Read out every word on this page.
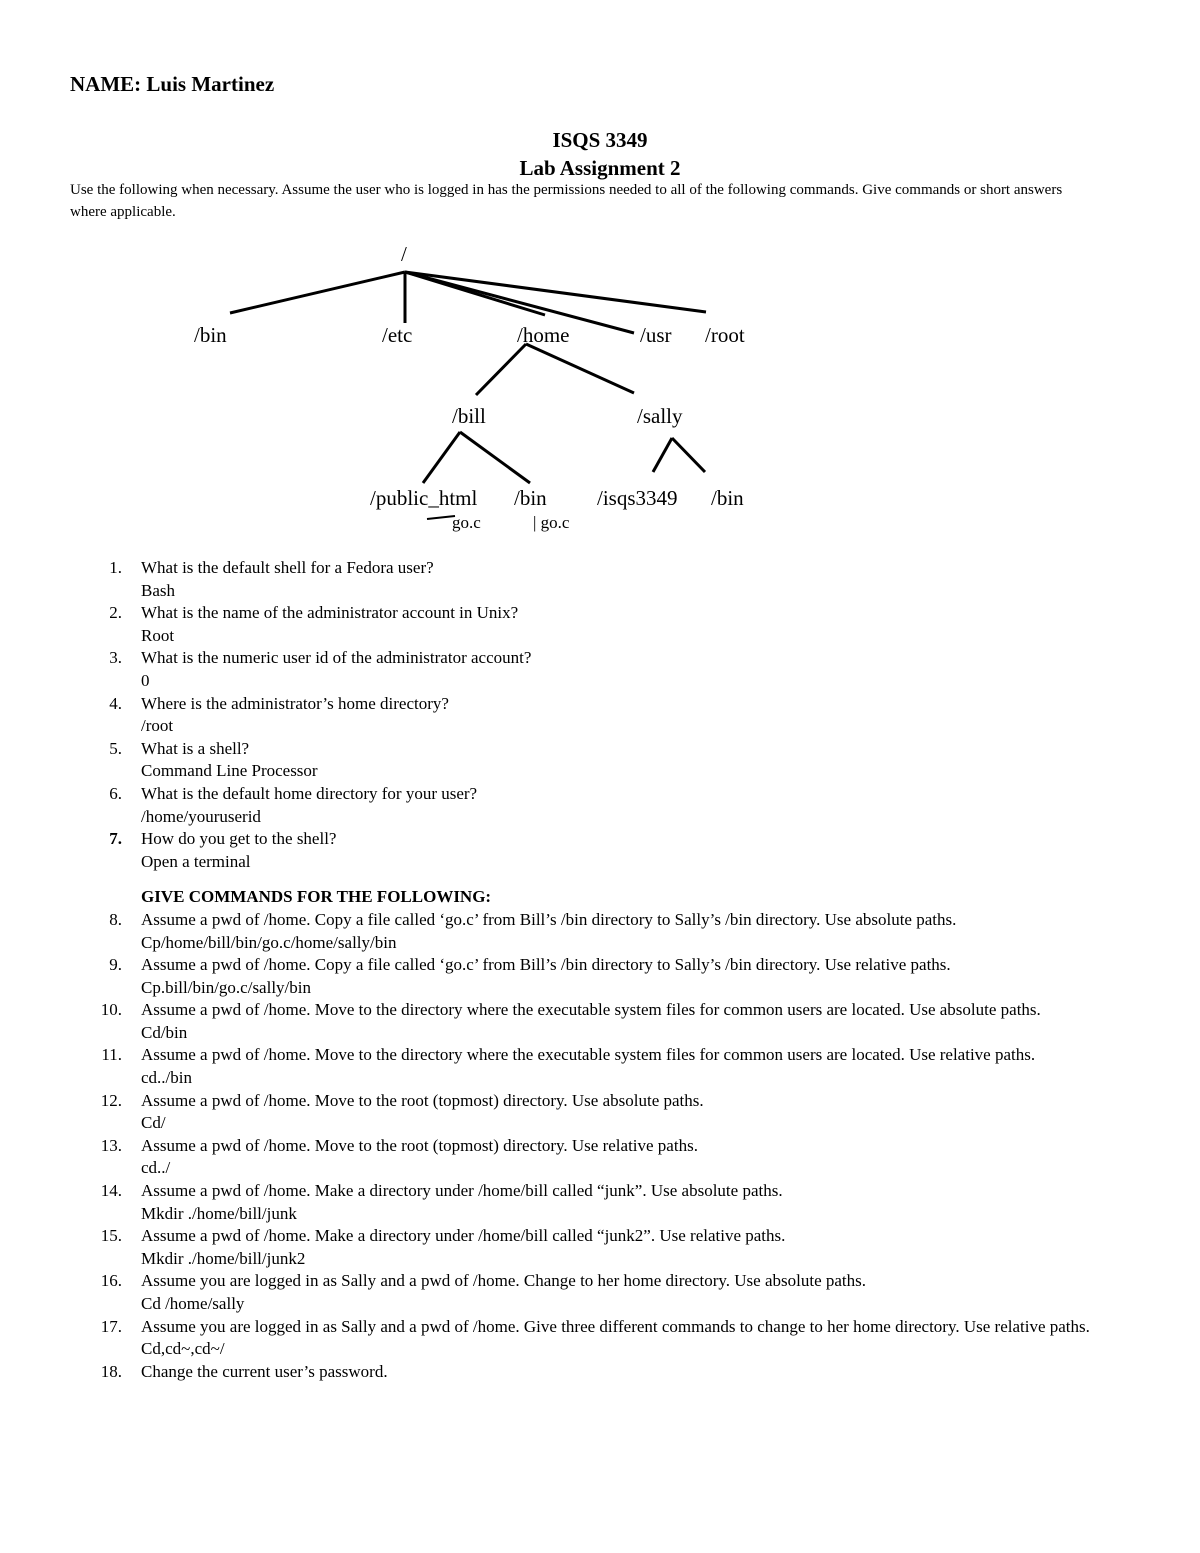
NAME: Luis Martinez
ISQS 3349
Lab Assignment 2
Use the following when necessary. Assume the user who is logged in has the permissions needed to all of the following commands. Give commands or short answers where applicable.
/
/bin	/etc	/home	/usr /root
/bill	/sally
/public_html /bin /isqs3349 /bin
go.c	| go.c
1. What is the default shell for a Fedora user?
Bash
2. What is the name of the administrator account in Unix?
Root
3. What is the numeric user id of the administrator account?
0
4. Where is the administrator’s home directory?
/root
5. What is a shell?
Command Line Processor
6. What is the default home directory for your user?
/home/youruserid
7. How do you get to the shell?
Open a terminal
GIVE COMMANDS FOR THE FOLLOWING:
8. Assume a pwd of /home. Copy a file called ‘go.c’ from Bill’s /bin directory to Sally’s /bin directory. Use absolute paths.
Cp/home/bill/bin/go.c/home/sally/bin
9. Assume a pwd of /home. Copy a file called ‘go.c’ from Bill’s /bin directory to Sally’s /bin directory. Use relative paths.
Cp.bill/bin/go.c/sally/bin
10. Assume a pwd of /home. Move to the directory where the executable system files for common users are located. Use absolute paths.
Cd/bin
11. Assume a pwd of /home. Move to the directory where the executable system files for common users are located. Use relative paths.
cd../bin
12. Assume a pwd of /home. Move to the root (topmost) directory. Use absolute paths.
Cd/
13. Assume a pwd of /home. Move to the root (topmost) directory. Use relative paths.
cd../
14. Assume a pwd of /home. Make a directory under /home/bill called “junk”. Use absolute paths.
Mkdir ./home/bill/junk
15. Assume a pwd of /home. Make a directory under /home/bill called “junk2”. Use relative paths.
Mkdir ./home/bill/junk2
16. Assume you are logged in as Sally and a pwd of /home. Change to her home directory. Use absolute paths.
Cd /home/sally
17. Assume you are logged in as Sally and a pwd of /home. Give three different commands to change to her home directory. Use relative paths.
Cd,cd~,cd~/
18. Change the current user’s password.
